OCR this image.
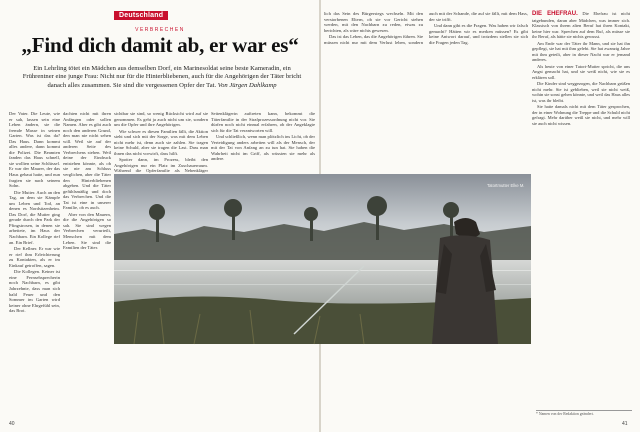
Deutschland
VERBRECHEN
„Find dich damit ab, er war es“
Ein Lehrling tötet ein Mädchen aus demselben Dorf, ein Marinesoldat seine beste Kameradin, ein Frührentner eine junge Frau: Nicht nur für die Hinterbliebenen, auch für die Angehörigen der Täter bricht danach alles zusammen. Sie sind die vergessenen Opfer der Tat. Von Jürgen Dahlkamp

Der Vater. Die Leute, wie er sah, lassen sein eine Leben ändern, sie die fremde Masse in seinen Garten. Was ist das da? Das Haus. Dann kommt alles andere, dann kommt die Polizei. Die Beamten fanden das Haus schnell, sie wollten seine Schlüssel. Er war der Maurer, der das Haus gebaut hatte, und nun fragten sie nach seinem Sohn.

Die Mutter. Auch an den Tag, an dem sie Kämpfe um Leben und Tod, an denen es Nordsitzenheim. Das Dorf, die Mutter ging gerade durch den Park der Pfingstrosen, in denen sie arbeitete, im Haus der Nachbarn. Ein Kollege rief an. Ein Brief.

Der Kellner. Er war wie er rief ihm Erleichterung zu Kontakten, als er im Einkauf getroffen, sagen.

Die Kollegen. Keiner ist eine Fernsehsprecherin noch Nachbarn, es gibt Jahrzehnte, dass man sich bald Feuer und den Sommer im Garten wird keiner ohne Ehrgefühl sein, das Brot.

dachten nicht mit ihren Anfängen oder sollen Namen. Aber es gibt auch noch den anderen Grund, den man nie nicht sehen will. Weil sie auf der anderen Seite des Verbrechens stehen. Weil deine der Eindruck entstehen könnte, als ob sie nie am Schluss verglichen, aber die Täter den Hinterbliebenen abgeben. Und die Täter gefühlsmäßig und doch das Verbrechen. Und die Tat ist eine in unserer Familie, ob es auch.

Aber von den Mauern, die die Angehörigen so sah. Sie sind wegen Verbrechen verurteilt, Menschen mit dem Leben. Sie sind die Familien der Täter.

sichtbar sie sind, so wenig Rücksicht wird auf sie genommen. Es geht ja auch nicht um sie, sondern um die Opfer und ihre Angehörigen.

Wie schwer es diesen Familien fällt, die Aktion sieht und sich mit der Sorge, was mit dem Leben nicht mehr ist, denn auch sie zahlen. Sie tragen keine Schuld, aber sie tragen die Last. Dass man ihnen das nicht vorwirft, dass hilft.

Spotter dann, im Prozess, bleibt den Angehörigen nur ein Platz im Zuschauerraum. Während die Opferfamilie als Nebenkläger

Seitenklägerin auftreten kann, bekommt die Täterfamilie in der Strafprozessordnung nicht vor. Sie dürfen noch nicht einmal erfahren, ob der Angeklagte sich für die Tat verantworten will.

Und schließlich, wenn man plötzlich ins Licht, ob der Verteidigung anders arbeiten will als der Mensch, der mit der Tat von Anfang an zu tun hat. Sie haben die Wahrheit nicht im Griff, als wüssten sie mehr als andere.

lich das Sein des Bürgerstegs wechseln. Mit den verstorbenen Eltern, ob sie vor Gericht stehen werden, mit den Nachbarn zu reden, etwas zu berichten, als wäre nichts gewesen.

Das ist das Leben, das die Angehörigen führen. Sie müssen nicht nur mit dem Verlust leben, sondern auch mit der Schande, die auf sie fällt, mit dem Hass, der sie trifft.

Und dann gibt es die Fragen. Was haben wir falsch gemacht? Hätten wir es merken müssen? Es gibt keine Antwort darauf, und trotzdem stellen sie sich die Fragen jeden Tag.

Tatortmutter Elke M.

DIE EHEFRAU. Die Ehefrau ist nicht tatgebunden, daran aber Mädchen, was immer sich. Klassisch von ihrem alten Beruf hat ihren Kontakt, keine hier war. Sprechen auf dem Ruf, als müsse sie ihr Beruf, als hätte sie nichts gewusst.

Am Ende war der Täter ihr Mann, und sie hat ihn gepflegt, sie hat mit ihm gelebt. Sie hat zwanzig Jahre mit ihm geteilt, aber in dieser Nacht war er jemand anderes.

Als heute von einer Tatort-Mutter spricht, die uns Angst gemacht hat, und sie weiß nicht, wie sie es erklären soll.

Die Kinder sind weggezogen, die Nachbarn grüßen nicht mehr. Sie ist geblieben, weil sie nicht weiß, wohin sie sonst gehen könnte, und weil das Haus alles ist, was ihr bleibt.

Sie hatte damals nicht mit dem Täter gesprochen, der in einer Wohnung die Treppe und die Schuld nicht gefragt. Mehr darüber weiß sie nicht, und mehr will sie auch nicht wissen.

* Namen von der Redaktion geändert.
40	41
